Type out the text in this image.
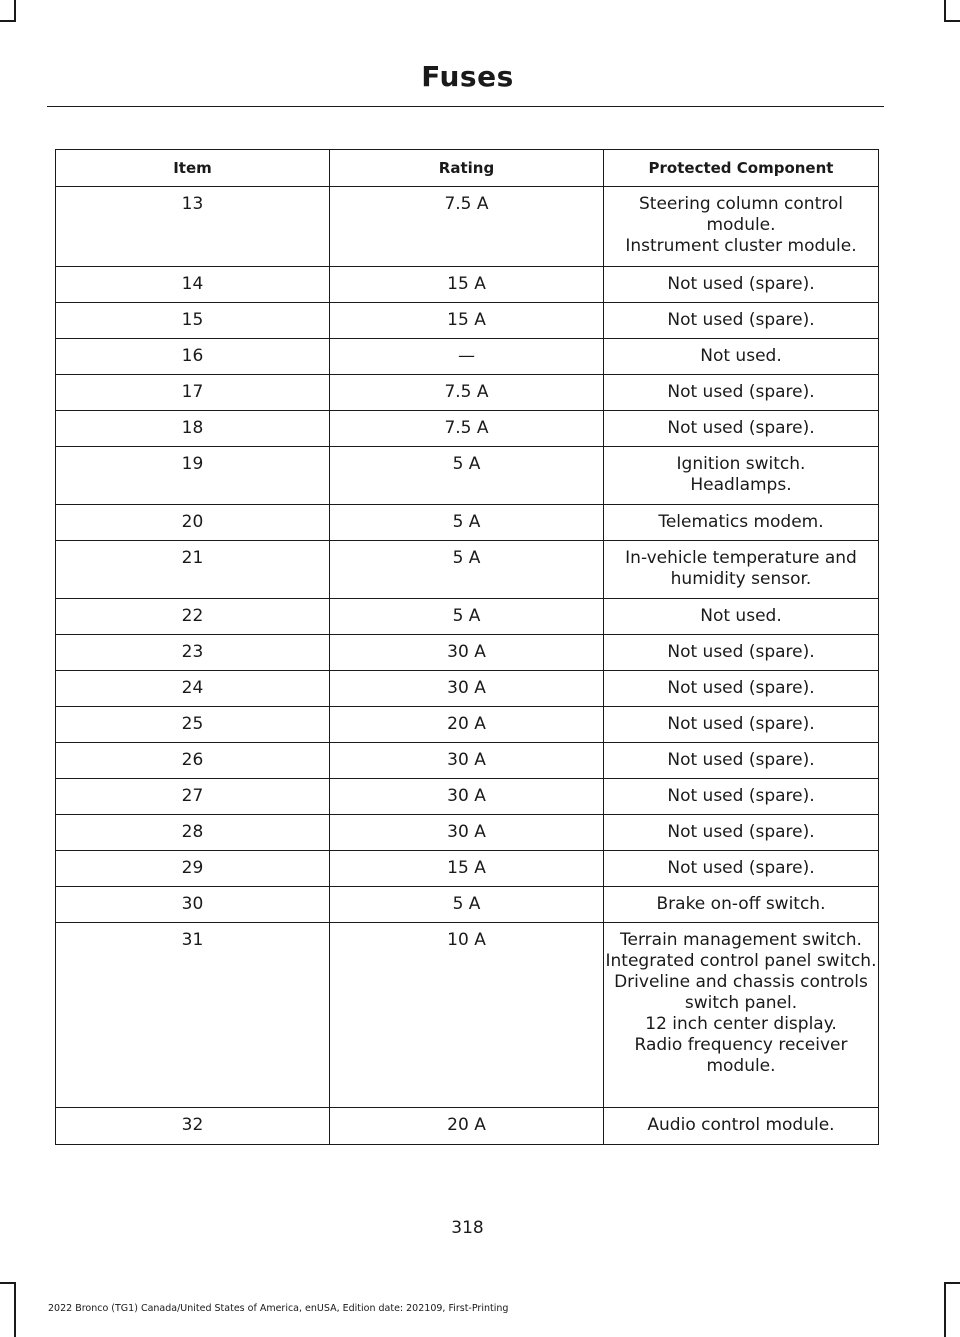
Fuses
Item	Rating	Protected Component
13	7.5 A	Steering column control module.
Instrument cluster module.
14	15 A	Not used (spare).
15	15 A	Not used (spare).
16	—	Not used.
17	7.5 A	Not used (spare).
18	7.5 A	Not used (spare).
19	5 A	Ignition switch.
Headlamps.
20	5 A	Telematics modem.
21	5 A	In-vehicle temperature and humidity sensor.
22	5 A	Not used.
23	30 A	Not used (spare).
24	30 A	Not used (spare).
25	20 A	Not used (spare).
26	30 A	Not used (spare).
27	30 A	Not used (spare).
28	30 A	Not used (spare).
29	15 A	Not used (spare).
30	5 A	Brake on-off switch.
31	10 A	Terrain management switch.
Integrated control panel switch.
Driveline and chassis controls switch panel.
12 inch center display.
Radio frequency receiver module.
32	20 A	Audio control module.
318
2022 Bronco (TG1) Canada/United States of America, enUSA, Edition date: 202109, First-Printing
